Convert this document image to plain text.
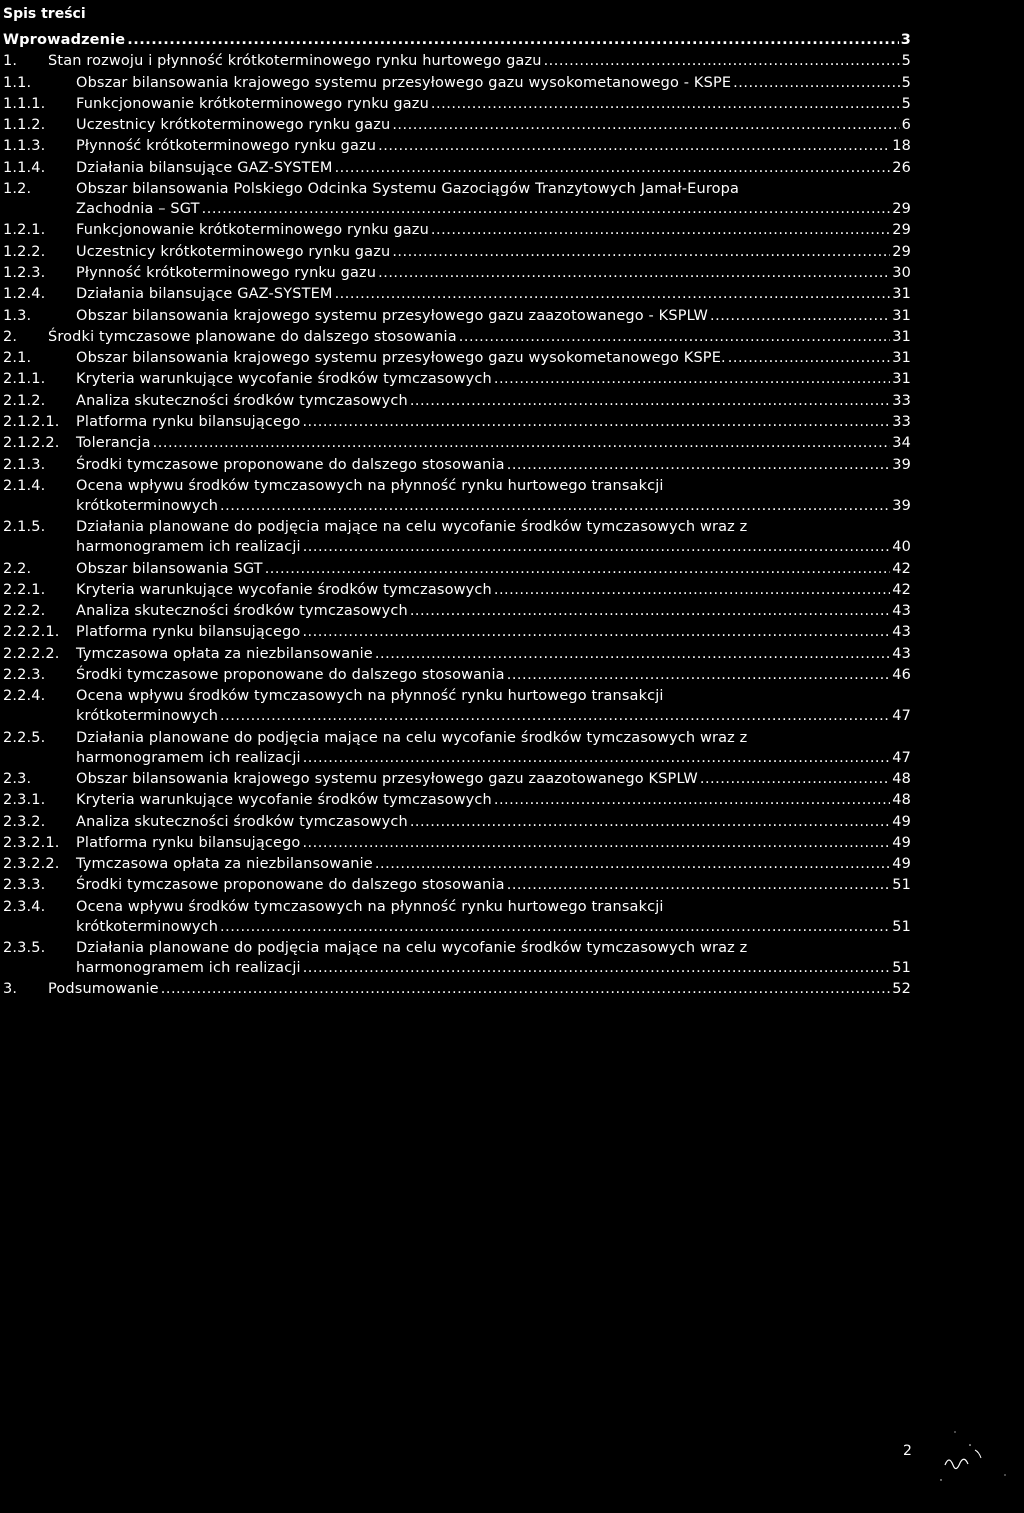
Spis treści
Wprowadzenie .....	3
1. Stan rozwoju i płynność krótkoterminowego rynku hurtowego gazu .....	5
1.1.	Obszar bilansowania krajowego systemu przesyłowego gazu wysokometanowego - KSPE .....	5
1.1.1. Funkcjonowanie krótkoterminowego rynku gazu .....	5
1.1.2. Uczestnicy krótkoterminowego rynku gazu .....	6
1.1.3. Płynność krótkoterminowego rynku gazu .....	18
1.1.4. Działania bilansujące GAZ-SYSTEM .....	26
1.2.	Obszar bilansowania Polskiego Odcinka Systemu Gazociągów Tranzytowych Jamał-Europa
Zachodnia – SGT .....	29
1.2.1. Funkcjonowanie krótkoterminowego rynku gazu .....	29
1.2.2. Uczestnicy krótkoterminowego rynku gazu .....	29
1.2.3. Płynność krótkoterminowego rynku gazu .....	30
1.2.4. Działania bilansujące GAZ-SYSTEM .....	31
1.3.	Obszar bilansowania krajowego systemu przesyłowego gazu zaazotowanego - KSPLW .....	31
2. Środki tymczasowe planowane do dalszego stosowania .....	31
2.1.	Obszar bilansowania krajowego systemu przesyłowego gazu wysokometanowego KSPE. .....	31
2.1.1. Kryteria warunkujące wycofanie środków tymczasowych .....	31
2.1.2. Analiza skuteczności środków tymczasowych .....	33
2.1.2.1. Platforma rynku bilansującego .....	33
2.1.2.2. Tolerancja .....	34
2.1.3. Środki tymczasowe proponowane do dalszego stosowania .....	39
2.1.4. Ocena wpływu środków tymczasowych na płynność rynku hurtowego transakcji
krótkoterminowych .....	39
2.1.5. Działania planowane do podjęcia mające na celu wycofanie środków tymczasowych wraz z
harmonogramem ich realizacji .....	40
2.2.	Obszar bilansowania SGT .....	42
2.2.1. Kryteria warunkujące wycofanie środków tymczasowych .....	42
2.2.2. Analiza skuteczności środków tymczasowych .....	43
2.2.2.1. Platforma rynku bilansującego .....	43
2.2.2.2. Tymczasowa opłata za niezbilansowanie .....	43
2.2.3. Środki tymczasowe proponowane do dalszego stosowania .....	46
2.2.4. Ocena wpływu środków tymczasowych na płynność rynku hurtowego transakcji
krótkoterminowych .....	47
2.2.5. Działania planowane do podjęcia mające na celu wycofanie środków tymczasowych wraz z
harmonogramem ich realizacji .....	47
2.3.	Obszar bilansowania krajowego systemu przesyłowego gazu zaazotowanego KSPLW .....	48
2.3.1. Kryteria warunkujące wycofanie środków tymczasowych .....	48
2.3.2. Analiza skuteczności środków tymczasowych .....	49
2.3.2.1. Platforma rynku bilansującego .....	49
2.3.2.2. Tymczasowa opłata za niezbilansowanie .....	49
2.3.3. Środki tymczasowe proponowane do dalszego stosowania .....	51
2.3.4. Ocena wpływu środków tymczasowych na płynność rynku hurtowego transakcji
krótkoterminowych .....	51
2.3.5. Działania planowane do podjęcia mające na celu wycofanie środków tymczasowych wraz z
harmonogramem ich realizacji .....	51
3. Podsumowanie .....	52
2
